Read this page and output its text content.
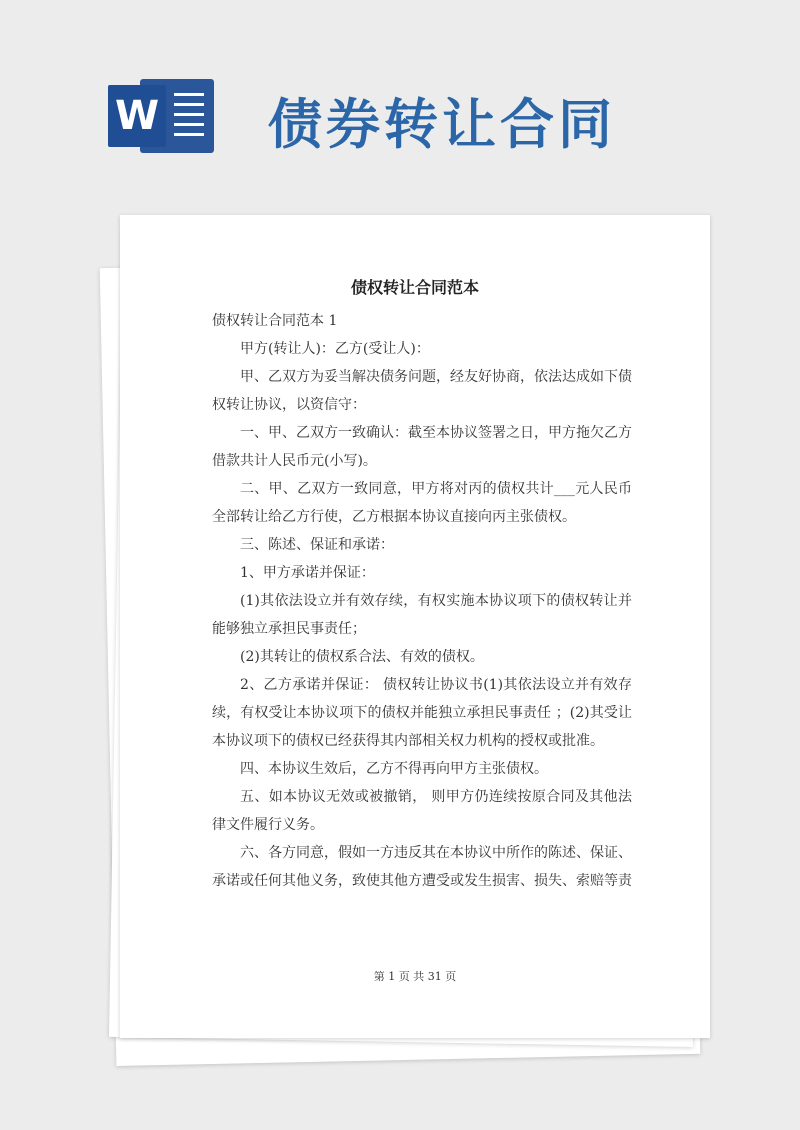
W 债券转让合同
债权转让合同范本

债权转让合同范本 1

甲方(转让人)：乙方(受让人)：

甲、乙双方为妥当解决债务问题，经友好协商，依法达成如下债权转让协议，以资信守：

一、甲、乙双方一致确认：截至本协议签署之日，甲方拖欠乙方借款共计人民币元(小写)。

二、甲、乙双方一致同意，甲方将对丙的债权共计___元人民币全部转让给乙方行使，乙方根据本协议直接向丙主张债权。

三、陈述、保证和承诺：

1、甲方承诺并保证：

(1)其依法设立并有效存续，有权实施本协议项下的债权转让并能够独立承担民事责任；

(2)其转让的债权系合法、有效的债权。

2、乙方承诺并保证： 债权转让协议书(1)其依法设立并有效存续，有权受让本协议项下的债权并能独立承担民事责任 ；(2)其受让本协议项下的债权已经获得其内部相关权力机构的授权或批准。

四、本协议生效后，乙方不得再向甲方主张债权。

五、如本协议无效或被撤销， 则甲方仍连续按原合同及其他法律文件履行义务。

六、各方同意，假如一方违反其在本协议中所作的陈述、保证、承诺或任何其他义务，致使其他方遭受或发生损害、损失、索赔等责

第 1 页 共 31 页
